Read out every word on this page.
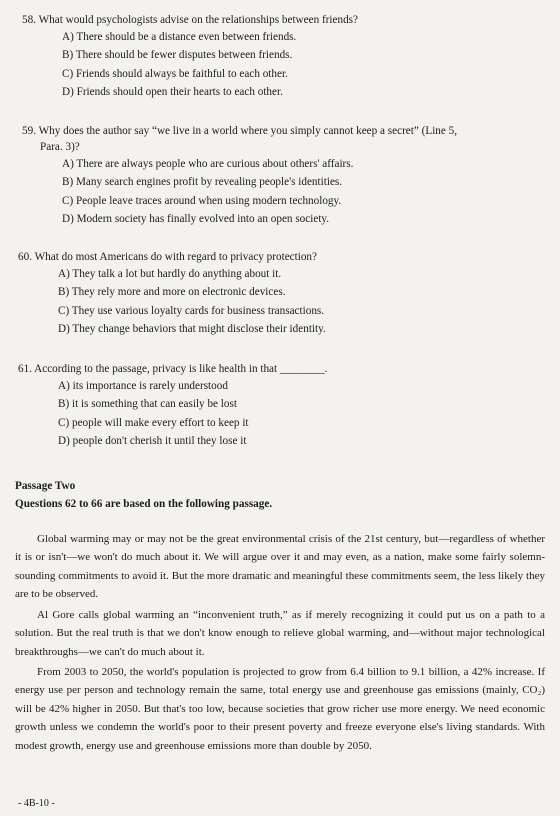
58. What would psychologists advise on the relationships between friends?
A) There should be a distance even between friends.
B) There should be fewer disputes between friends.
C) Friends should always be faithful to each other.
D) Friends should open their hearts to each other.
59. Why does the author say “we live in a world where you simply cannot keep a secret” (Line 5,
Para. 3)?
A) There are always people who are curious about others' affairs.
B) Many search engines profit by revealing people's identities.
C) People leave traces around when using modern technology.
D) Modern society has finally evolved into an open society.
60. What do most Americans do with regard to privacy protection?
A) They talk a lot but hardly do anything about it.
B) They rely more and more on electronic devices.
C) They use various loyalty cards for business transactions.
D) They change behaviors that might disclose their identity.
61. According to the passage, privacy is like health in that ________.
A) its importance is rarely understood
B) it is something that can easily be lost
C) people will make every effort to keep it
D) people don't cherish it until they lose it
Passage Two
Questions 62 to 66 are based on the following passage.
Global warming may or may not be the great environmental crisis of the 21st century, but—regardless of whether it is or isn't—we won't do much about it. We will argue over it and may even, as a nation, make some fairly solemn-sounding commitments to avoid it. But the more dramatic and meaningful these commitments seem, the less likely they are to be observed.
Al Gore calls global warming an “inconvenient truth,” as if merely recognizing it could put us on a path to a solution. But the real truth is that we don't know enough to relieve global warming, and—without major technological breakthroughs—we can't do much about it.
From 2003 to 2050, the world's population is projected to grow from 6.4 billion to 9.1 billion, a 42% increase. If energy use per person and technology remain the same, total energy use and greenhouse gas emissions (mainly, CO₂) will be 42% higher in 2050. But that's too low, because societies that grow richer use more energy. We need economic growth unless we condemn the world's poor to their present poverty and freeze everyone else's living standards. With modest growth, energy use and greenhouse emissions more than double by 2050.
- 4B-10 -
